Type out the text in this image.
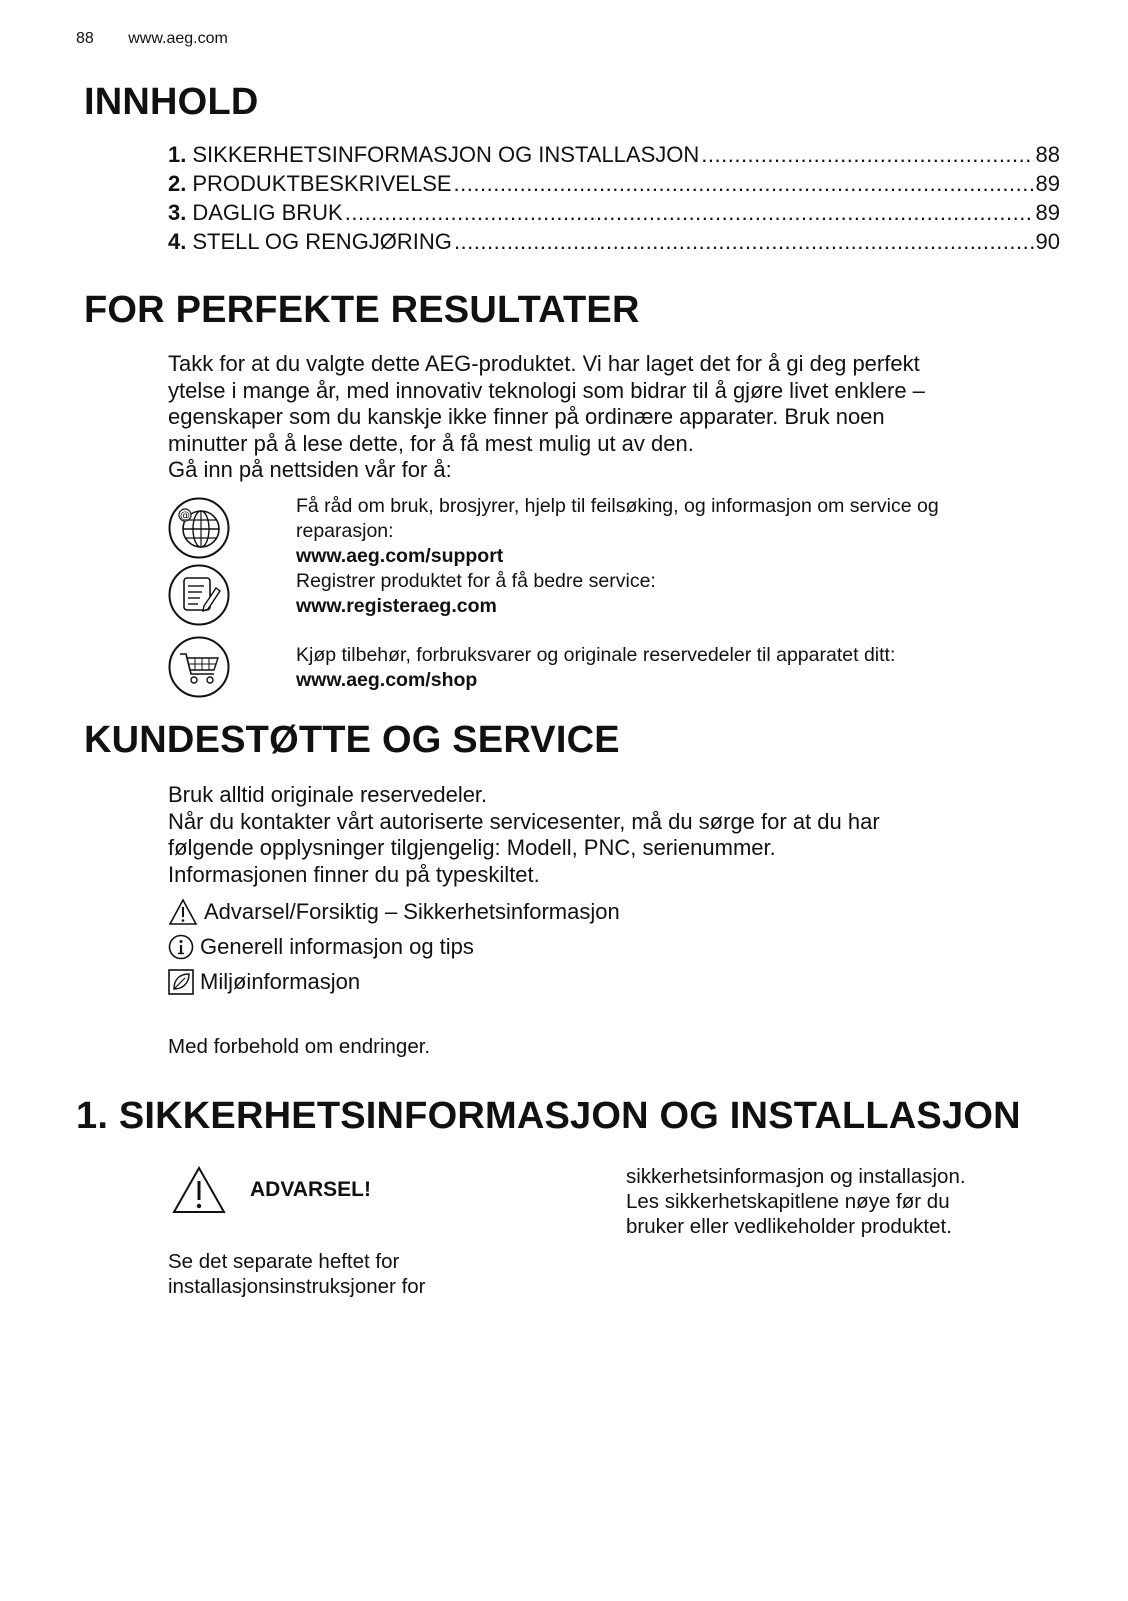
88 www.aeg.com
INNHOLD
1. SIKKERHETSINFORMASJON OG INSTALLASJON .....	88
2. PRODUKTBESKRIVELSE .....	89
3. DAGLIG BRUK .....	89
4. STELL OG RENGJØRING .....	90
FOR PERFEKTE RESULTATER

Takk for at du valgte dette AEG-produktet. Vi har laget det for å gi deg perfekt

ytelse i mange år, med innovativ teknologi som bidrar til å gjøre livet enklere –

egenskaper som du kanskje ikke finner på ordinære apparater. Bruk noen

minutter på å lese dette, for å få mest mulig ut av den.

Gå inn på nettsiden vår for å:

@	Få råd om bruk, brosjyrer, hjelp til feilsøking, og informasjon om service og
reparasjon:
www.aeg.com/support
Registrer produktet for å få bedre service:
www.registeraeg.com
Kjøp tilbehør, forbruksvarer og originale reservedeler til apparatet ditt:
www.aeg.com/shop
KUNDESTØTTE OG SERVICE

Bruk alltid originale reservedeler.

Når du kontakter vårt autoriserte servicesenter, må du sørge for at du har

følgende opplysninger tilgjengelig: Modell, PNC, serienummer.

Informasjonen finner du på typeskiltet.

Advarsel/Forsiktig – Sikkerhetsinformasjon
Generell informasjon og tips
Miljøinformasjon
Med forbehold om endringer.
1. SIKKERHETSINFORMASJON OG INSTALLASJON
ADVARSEL!
Se det separate heftet for
installasjonsinstruksjoner for
sikkerhetsinformasjon og installasjon.
Les sikkerhetskapitlene nøye før du
bruker eller vedlikeholder produktet.
